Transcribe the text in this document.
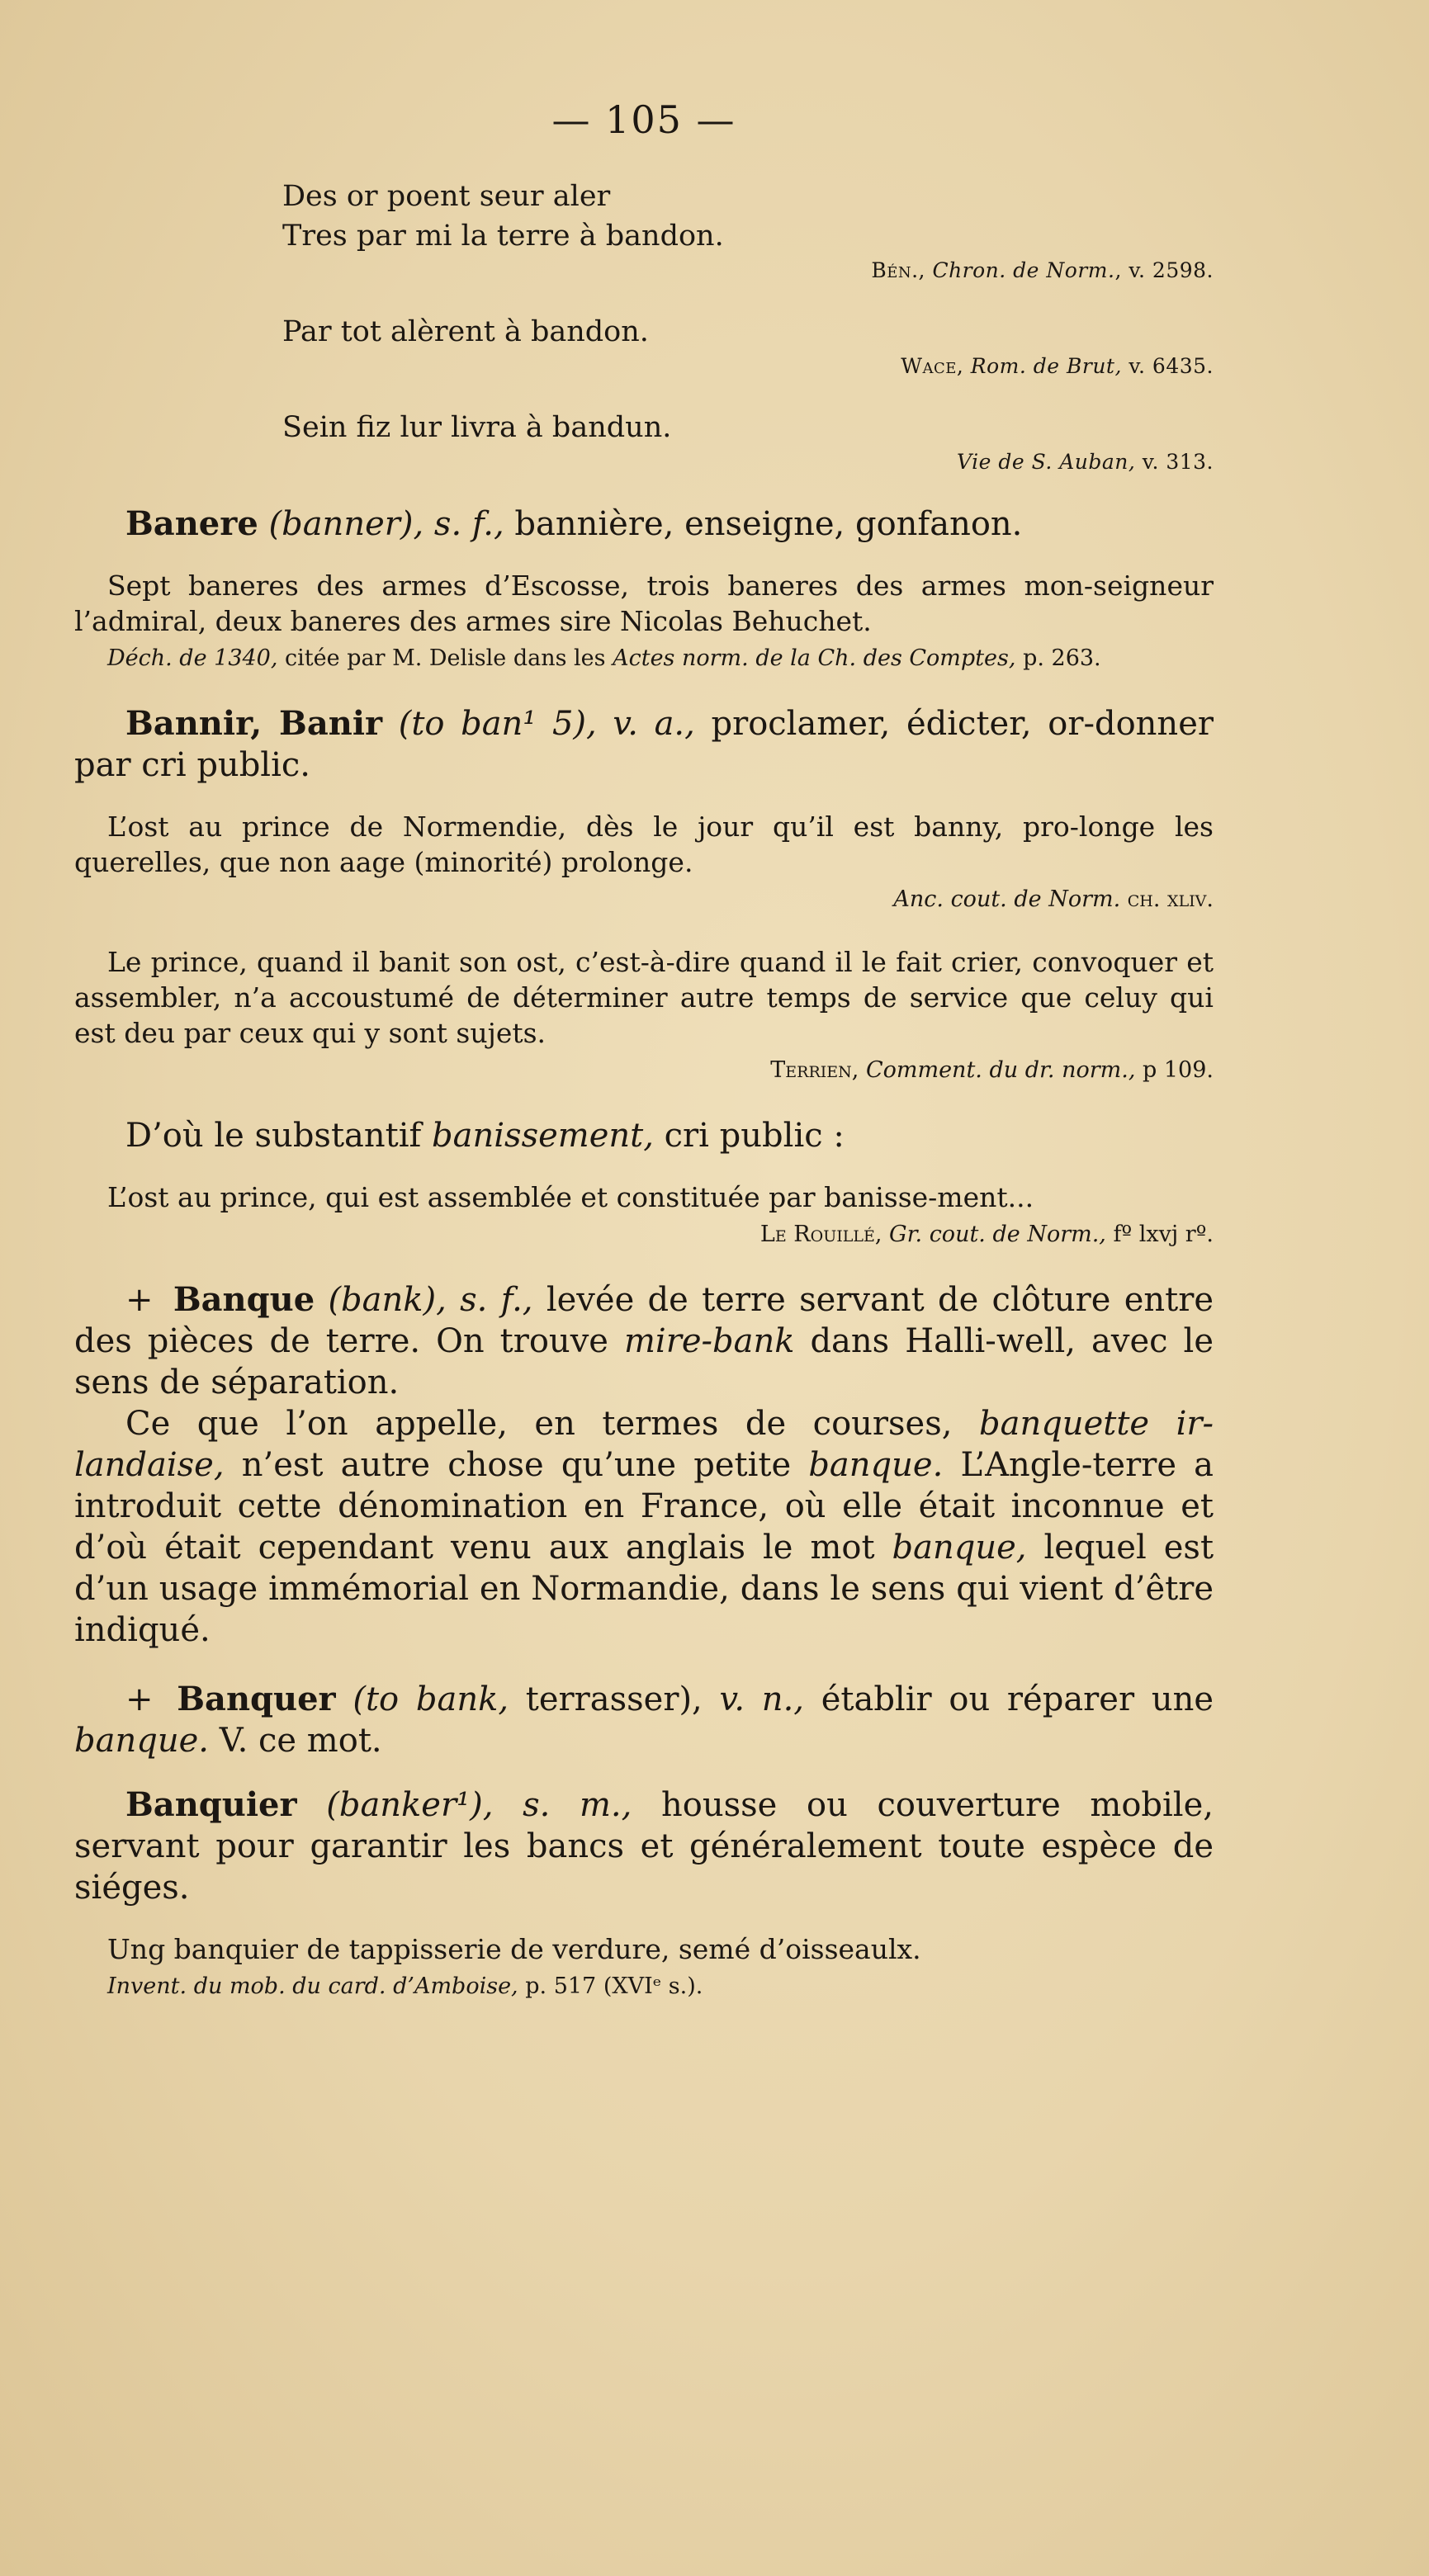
— 105 —
Des or poent seur aler
Tres par mi la terre à bandon.
Bén., Chron. de Norm., v. 2598.
Par tot alèrent à bandon.
Wace, Rom. de Brut, v. 6435.
Sein fiz lur livra à bandun.
Vie de S. Auban, v. 313.

Banere (banner), s. f., bannière, enseigne, gonfanon.

Sept baneres des armes d’Escosse, trois baneres des armes mon-seigneur l’admiral, deux baneres des armes sire Nicolas Behuchet.

Déch. de 1340, citée par M. Delisle dans les Actes norm. de la Ch. des Comptes, p. 263.

Bannir, Banir (to ban¹ 5), v. a., proclamer, édicter, or-donner par cri public.

L’ost au prince de Normendie, dès le jour qu’il est banny, pro-longe les querelles, que non aage (minorité) prolonge.

Anc. cout. de Norm. ch. xliv.

Le prince, quand il banit son ost, c’est-à-dire quand il le fait crier, convoquer et assembler, n’a accoustumé de déterminer autre temps de service que celuy qui est deu par ceux qui y sont sujets.

Terrien, Comment. du dr. norm., p 109.

D’où le substantif banissement, cri public :

L’ost au prince, qui est assemblée et constituée par banisse-ment...

Le Rouillé, Gr. cout. de Norm., fº lxvj rº.

+ Banque (bank), s. f., levée de terre servant de clôture entre des pièces de terre. On trouve mire-bank dans Halli-well, avec le sens de séparation.

Ce que l’on appelle, en termes de courses, banquette ir-landaise, n’est autre chose qu’une petite banque. L’Angle-terre a introduit cette dénomination en France, où elle était inconnue et d’où était cependant venu aux anglais le mot banque, lequel est d’un usage immémorial en Normandie, dans le sens qui vient d’être indiqué.

+ Banquer (to bank, terrasser), v. n., établir ou réparer une banque. V. ce mot.

Banquier (banker¹), s. m., housse ou couverture mobile, servant pour garantir les bancs et généralement toute espèce de siéges.

Ung banquier de tappisserie de verdure, semé d’oisseaulx.

Invent. du mob. du card. d’Amboise, p. 517 (XVIᵉ s.).
